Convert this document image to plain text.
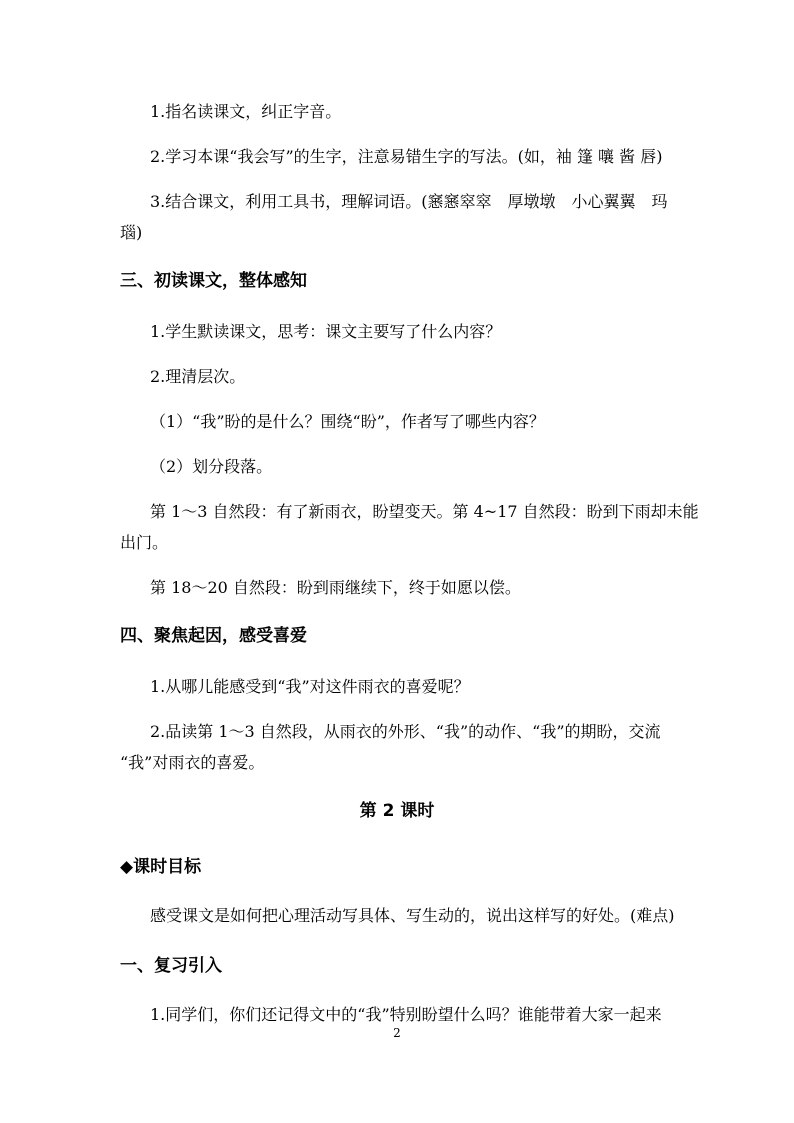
1.指名读课文，纠正字音。
2.学习本课“我会写”的生字，注意易错生字的写法。(如，袖 篷 嚷 酱 唇)
3.结合课文，利用工具书，理解词语。(窸窸窣窣　厚墩墩　小心翼翼　玛
瑙)
三、初读课文，整体感知
1.学生默读课文，思考：课文主要写了什么内容？
2.理清层次。
（1）“我”盼的是什么？围绕“盼”，作者写了哪些内容？
（2）划分段落。
第 1～3 自然段：有了新雨衣，盼望变天。第 4~17 自然段：盼到下雨却未能
出门。
第 18～20 自然段：盼到雨继续下，终于如愿以偿。
四、聚焦起因，感受喜爱
1.从哪儿能感受到“我”对这件雨衣的喜爱呢？
2.品读第 1～3 自然段，从雨衣的外形、“我”的动作、“我”的期盼，交流
“我”对雨衣的喜爱。
第 2 课时
◆课时目标
感受课文是如何把心理活动写具体、写生动的，说出这样写的好处。(难点)
一、复习引入
1.同学们，你们还记得文中的“我”特别盼望什么吗？谁能带着大家一起来
2
